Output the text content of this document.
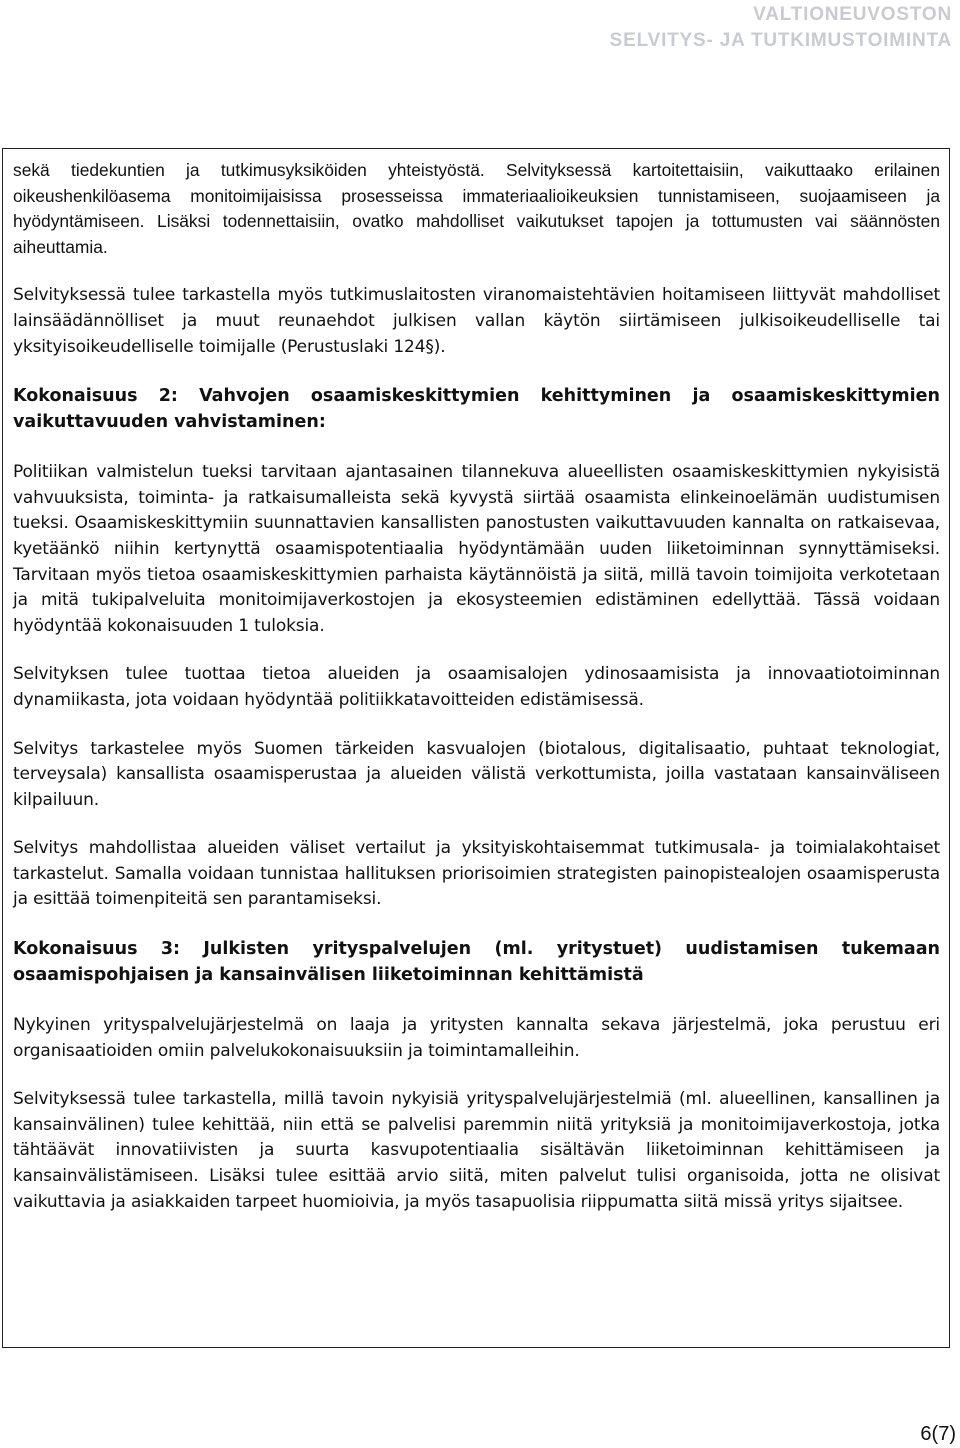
VALTIONEUVOSTON
SELVITYS- JA TUTKIMUSTOIMINTA

sekä tiedekuntien ja tutkimusyksiköiden yhteistyöstä. Selvityksessä kartoitettaisiin, vaikuttaako erilainen oikeushenkilöasema monitoimijaisissa prosesseissa immateriaalioikeuksien tunnistamiseen, suojaamiseen ja hyödyntämiseen. Lisäksi todennettaisiin, ovatko mahdolliset vaikutukset tapojen ja tottumusten vai säännösten aiheuttamia.

Selvityksessä tulee tarkastella myös tutkimuslaitosten viranomaistehtävien hoitamiseen liittyvät mahdolliset lainsäädännölliset ja muut reunaehdot julkisen vallan käytön siirtämiseen julkisoikeudelliselle tai yksityisoikeudelliselle toimijalle (Perustuslaki 124§).

Kokonaisuus 2: Vahvojen osaamiskeskittymien kehittyminen ja osaamiskeskittymien vaikuttavuuden vahvistaminen:

Politiikan valmistelun tueksi tarvitaan ajantasainen tilannekuva alueellisten osaamiskeskittymien nykyisistä vahvuuksista, toiminta- ja ratkaisumalleista sekä kyvystä siirtää osaamista elinkeinoelämän uudistumisen tueksi. Osaamiskeskittymiin suunnattavien kansallisten panostusten vaikuttavuuden kannalta on ratkaisevaa, kyetäänkö niihin kertynyttä osaamispotentiaalia hyödyntämään uuden liiketoiminnan synnyttämiseksi. Tarvitaan myös tietoa osaamiskeskittymien parhaista käytännöistä ja siitä, millä tavoin toimijoita verkotetaan ja mitä tukipalveluita monitoimijaverkostojen ja ekosysteemien edistäminen edellyttää. Tässä voidaan hyödyntää kokonaisuuden 1 tuloksia.

Selvityksen tulee tuottaa tietoa alueiden ja osaamisalojen ydinosaamisista ja innovaatiotoiminnan dynamiikasta, jota voidaan hyödyntää politiikkatavoitteiden edistämisessä.

Selvitys tarkastelee myös Suomen tärkeiden kasvualojen (biotalous, digitalisaatio, puhtaat teknologiat, terveysala) kansallista osaamisperustaa ja alueiden välistä verkottumista, joilla vastataan kansainväliseen kilpailuun.

Selvitys mahdollistaa alueiden väliset vertailut ja yksityiskohtaisemmat tutkimusala- ja toimialakohtaiset tarkastelut. Samalla voidaan tunnistaa hallituksen priorisoimien strategisten painopistealojen osaamisperusta ja esittää toimenpiteitä sen parantamiseksi.

Kokonaisuus 3: Julkisten yrityspalvelujen (ml. yritystuet) uudistamisen tukemaan osaamispohjaisen ja kansainvälisen liiketoiminnan kehittämistä

Nykyinen yrityspalvelujärjestelmä on laaja ja yritysten kannalta sekava järjestelmä, joka perustuu eri organisaatioiden omiin palvelukokonaisuuksiin ja toimintamalleihin.

Selvityksessä tulee tarkastella, millä tavoin nykyisiä yrityspalvelujärjestelmiä (ml. alueellinen, kansallinen ja kansainvälinen) tulee kehittää, niin että se palvelisi paremmin niitä yrityksiä ja monitoimijaverkostoja, jotka tähtäävät innovatiivisten ja suurta kasvupotentiaalia sisältävän liiketoiminnan kehittämiseen ja kansainvälistämiseen. Lisäksi tulee esittää arvio siitä, miten palvelut tulisi organisoida, jotta ne olisivat vaikuttavia ja asiakkaiden tarpeet huomioivia, ja myös tasapuolisia riippumatta siitä missä yritys sijaitsee.

6(7)
